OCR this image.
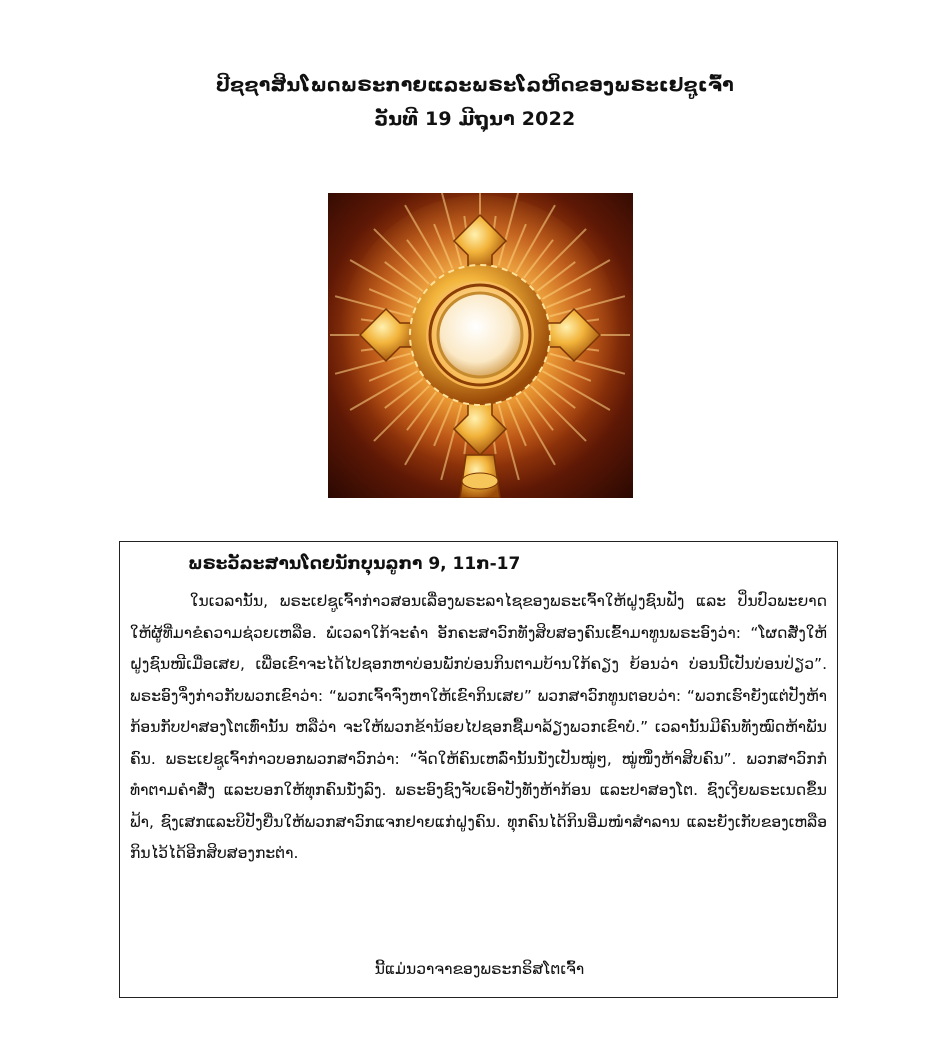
ປີຊຊາສິນໂພດພຣະກາຍແລະພຣະໂລຫິດຂອງພຣະເຢຊູເຈົ້າ
ວັນທີ 19 ມີຖຸນາ 2022
ພຣະວັລະສານໂດຍນັກບຸນລູກາ 9, 11ກ-17
ໃນເວລານັ້ນ, ພຣະເຢຊູເຈົ້າກ່າວສອນເລື່ອງພຣະລາໄຊຂອງພຣະເຈົ້າໃຫ້ຝູງຊົນຟັງ ແລະ ປິ່ນປົວພະຍາດໃຫ້ຜູ້ທີ່ມາຂໍຄວາມຊ່ວຍເຫລືອ. ພໍເວລາໃກ້ຈະຄ່ຳ ອັກຄະສາວົກທັງສິບສອງຄົນເຂົ້າມາທູນພຣະອົງວ່າ: “ໂຜດສັ່ງໃຫ້ຝູງຊົນໜີເມື່ອເສຍ, ເພື່ອເຂົາຈະໄດ້ໄປຊອກຫາບ່ອນພັກບ່ອນກິນຕາມບ້ານໃກ້ຄຽງ ຍ້ອນວ່າ ບ່ອນນີ້ເປັນບ່ອນປ່ຽວ”. ພຣະອົງຈຶ່ງກ່າວກັບພວກເຂົາວ່າ: “ພວກເຈົ້າຈົ່ງຫາໃຫ້ເຂົາກິນເສຍ” ພວກສາວົກທູນຕອບວ່າ: “ພວກເຮົາຍັງແຕ່ປັງຫ້າກ້ອນກັບປາສອງໂຕເທົ່ານັ້ນ ຫລືວ່າ ຈະໃຫ້ພວກຂ້ານ້ອຍໄປຊອກຊື້ມາລ້ຽງພວກເຂົາບໍ.” ເວລານັ້ນມີຄົນທັງໝົດຫ້າພັນຄົນ. ພຣະເຢຊູເຈົ້າກ່າວບອກພວກສາວົກວ່າ: “ຈັດໃຫ້ຄົນເຫລົ່ານັ້ນນັ່ງເປັນໝູ່ໆ, ໝູ່ໜຶ່ງຫ້າສິບຄົນ”. ພວກສາວົກກໍທຳຕາມຄຳສັ່ງ ແລະບອກໃຫ້ທຸກຄົນນັ່ງລົງ. ພຣະອົງຊົງຈັບເອົາປັງທັງຫ້າກ້ອນ ແລະປາສອງໂຕ. ຊົງເງີຍພຣະເນດຂຶ້ນຟ້າ, ຊົງເສກແລະບິປັງຍື່ນໃຫ້ພວກສາວົກແຈກຢາຍແກ່ຝູງຄົນ. ທຸກຄົນໄດ້ກິນອີ່ມໜຳສຳລານ ແລະຍັງເກັບຂອງເຫລືອກິນໄວ້ໄດ້ອີກສິບສອງກະຕ່າ.
ນີ້ແມ່ນວາຈາຂອງພຣະກຣິສໂຕເຈົ້າ
